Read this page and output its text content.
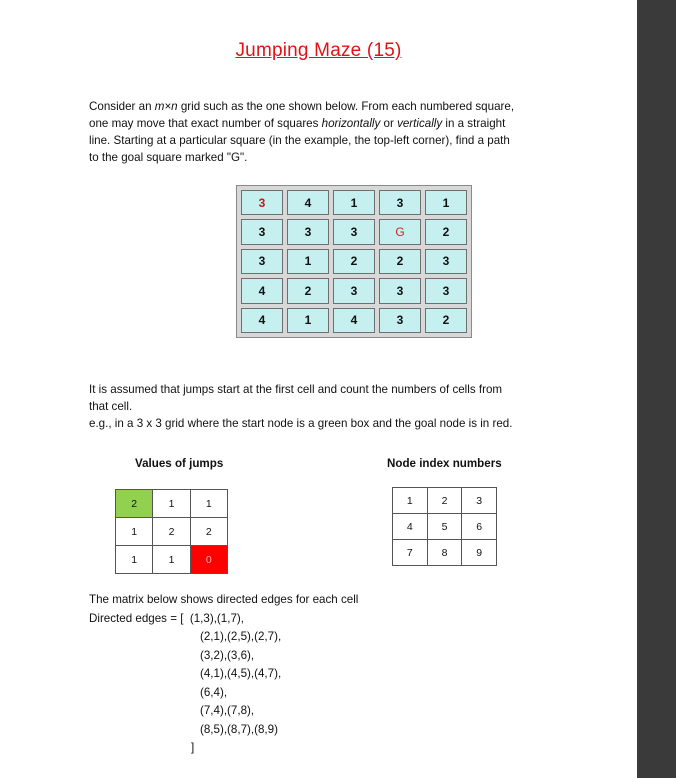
Jumping Maze (15)

Consider an m×n grid such as the one shown below. From each numbered square,

one may move that exact number of squares horizontally or vertically in a straight

line. Starting at a particular square (in the example, the top-left corner), find a path

to the goal square marked "G".

3	4	1	3	1
3	3	3	G	2
3	1	2	2	3
4	2	3	3	3
4	1	4	3	2

It is assumed that jumps start at the first cell and count the numbers of cells from

that cell.

e.g., in a 3 x 3 grid where the start node is a green box and the goal node is in red.

Values of jumps
2	1	1
1	2	2
1	1	0
Node index numbers
1	2	3
4	5	6
7	8	9
The matrix below shows directed edges for each cell
Directed edges = [  (1,3),(1,7),
(2,1),(2,5),(2,7),
(3,2),(3,6),
(4,1),(4,5),(4,7),
(6,4),
(7,4),(7,8),
(8,5),(8,7),(8,9)
]
